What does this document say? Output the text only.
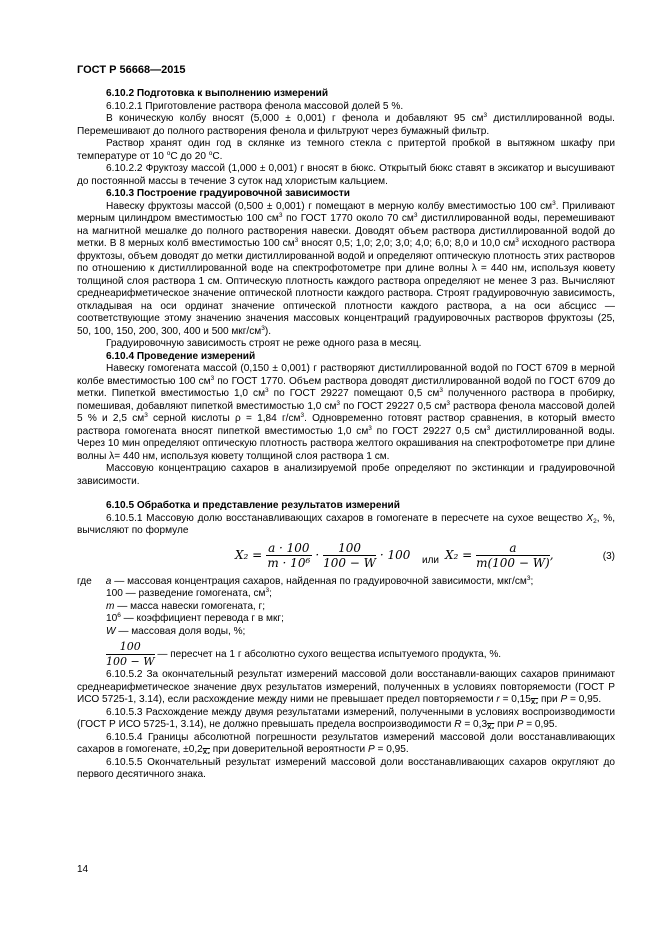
ГОСТ Р 56668—2015

6.10.2 Подготовка к выполнению измерений

6.10.2.1 Приготовление раствора фенола массовой долей 5 %.

В коническую колбу вносят (5,000 ± 0,001) г фенола и добавляют 95 $см^3$ дистиллированной воды. Перемешивают до полного растворения фенола и фильтруют через бумажный фильтр.

Раствор хранят один год в склянке из темного стекла с притертой пробкой в вытяжном шкафу при температуре от 10 $^о$C до 20 $^о$C.

6.10.2.2 Фруктозу массой (1,000 ± 0,001) г вносят в бюкс. Открытый бюкс ставят в эксикатор и высушивают до постоянной массы в течение 3 суток над хлористым кальцием.

6.10.3 Построение градуировочной зависимости

Навеску фруктозы массой (0,500 ± 0,001) г помещают в мерную колбу вместимостью 100 $см^3$. Приливают мерным цилиндром вместимостью 100 $см^3$ по ГОСТ 1770 около 70 $см^3$ дистиллированной воды, перемешивают на магнитной мешалке до полного растворения навески. Доводят объем раствора дистиллированной водой до метки. В 8 мерных колб вместимостью 100 $см^3$ вносят 0,5; 1,0; 2,0; 3,0; 4,0; 6,0; 8,0 и 10,0 $см^3$ исходного раствора фруктозы, объем доводят до метки дистиллированной водой и определяют оптическую плотность этих растворов по отношению к дистиллированной воде на спектрофотометре при длине волны λ = 440 нм, используя кювету толщиной слоя раствора 1 см. Оптическую плотность каждого раствора определяют не менее 3 раз. Вычисляют среднеарифметическое значение оптической плотности каждого раствора. Строят градуировочную зависимость, откладывая на оси ординат значение оптической плотности каждого раствора, а на оси абсцисс — соответствующие этому значению значения массовых концентраций градуировочных растворов фруктозы (25, 50, 100, 150, 200, 300, 400 и 500 мкг/$см^3$).

Градуировочную зависимость строят не реже одного раза в месяц.

6.10.4 Проведение измерений

Навеску гомогената массой (0,150 ± 0,001) г растворяют дистиллированной водой по ГОСТ 6709 в мерной колбе вместимостью 100 $см^3$ по ГОСТ 1770. Объем раствора доводят дистиллированной водой по ГОСТ 6709 до метки. Пипеткой вместимостью 1,0 $см^3$ по ГОСТ 29227 помещают 0,5 $см^3$ полученного раствора в пробирку, помешивая, добавляют пипеткой вместимостью 1,0 $см^3$ по ГОСТ 29227 0,5 $см^3$ раствора фенола массовой долей 5 % и 2,5 $см^3$ серной кислоты ρ = 1,84 $г/см^3$. Одновременно готовят раствор сравнения, в который вместо раствора гомогената вносят пипеткой вместимостью 1,0 $см^3$ по ГОСТ 29227 0,5 $см^3$ дистиллированной воды. Через 10 мин определяют оптическую плотность раствора желтого окрашивания на спектрофотометре при длине волны λ= 440 нм, используя кювету толщиной слоя раствора 1 см.

Массовую концентрацию сахаров в анализируемой пробе определяют по экстинкции и градуировочной зависимости.

6.10.5 Обработка и представление результатов измерений

6.10.5.1 Массовую долю восстанавливающих сахаров в гомогенате в пересчете на сухое вещество $X_2$, %, вычисляют по формуле

$X_2 = \frac{a \cdot 100}{\text{m · 10⁶}} \cdot \frac{100}{100 - W} \cdot 100$ или $X_2 = \frac{a}{m(100 - W)}$ ,	(3)

где a — массовая концентрация сахаров, найденная по градуировочной зависимости, мкг/$см^3$;

100 — разведение гомогената, $см^3$;

m — масса навески гомогената, г;

$10^6$ — коэффициент перевода г в мкг;

W — массовая доля воды, %;

$\frac{100}{100 - W}$ — пересчет на 1 г абсолютно сухого вещества испытуемого продукта, %.

6.10.5.2 За окончательный результат измерений массовой доли восстанавли-вающих сахаров принимают среднеарифметическое значение двух результатов измерений, полученных в условиях повторяемости (ГОСТ Р ИСО 5725-1, 3.14), если расхождение между ними не превышает предел повторяемости r = 0,15X₂ при P = 0,95.

6.10.5.3 Расхождение между двумя результатами измерений, полученными в условиях воспроизводимости (ГОСТ Р ИСО 5725-1, 3.14), не должно превышать предела воспроизводимости R = 0,3X₂ при P = 0,95.

6.10.5.4 Границы абсолютной погрешности результатов измерений массовой доли восстанавливающих сахаров в гомогенате, ±0,2X₂ при доверительной вероятности P = 0,95.

6.10.5.5 Окончательный результат измерений массовой доли восстанавливающих сахаров округляют до первого десятичного знака.

14
